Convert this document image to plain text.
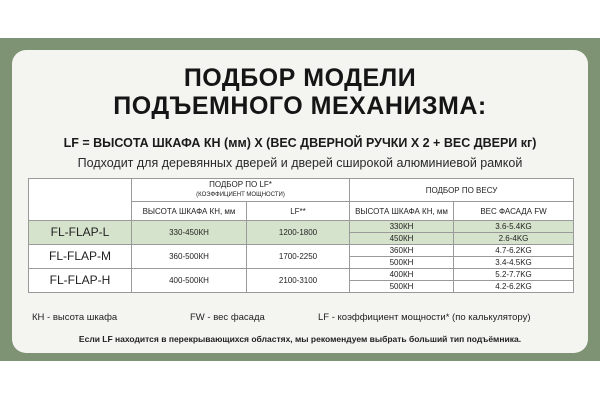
ПОДБОР МОДЕЛИ
ПОДЪЕМНОГО МЕХАНИЗМА:
LF = ВЫСОТА ШКАФА КН (мм) Х (ВЕС ДВЕРНОЙ РУЧКИ Х 2 + ВЕС ДВЕРИ кг)
Подходит для деревянных дверей и дверей сширокой алюминиевой рамкой

	ПОДБОР ПО LF*
(КОЭФФИЦИЕНТ МОЩНОСТИ)		ПОДБОР ПО ВЕСУ	
	ВЫСОТА ШКАФА КН, мм	LF**	ВЫСОТА ШКАФА КН, мм	ВЕС ФАСАДА FW
FL-FLAP-L	330-450КН	1200-1800	330КН	3.6-5.4KG
			450КН	2.6-4KG
FL-FLAP-M	360-500КН	1700-2250	360КН	4.7-6.2KG
			500КН	3.4-4.5KG
FL-FLAP-H	400-500КН	2100-3100	400КН	5.2-7.7KG
			500КН	4.2-6.2KG
КН - высота шкафа	FW - вес фасада	LF - коэффициент мощности* (по калькулятору)
Если LF находится в перекрывающихся областях, мы рекомендуем выбрать больший тип подъёмника.
